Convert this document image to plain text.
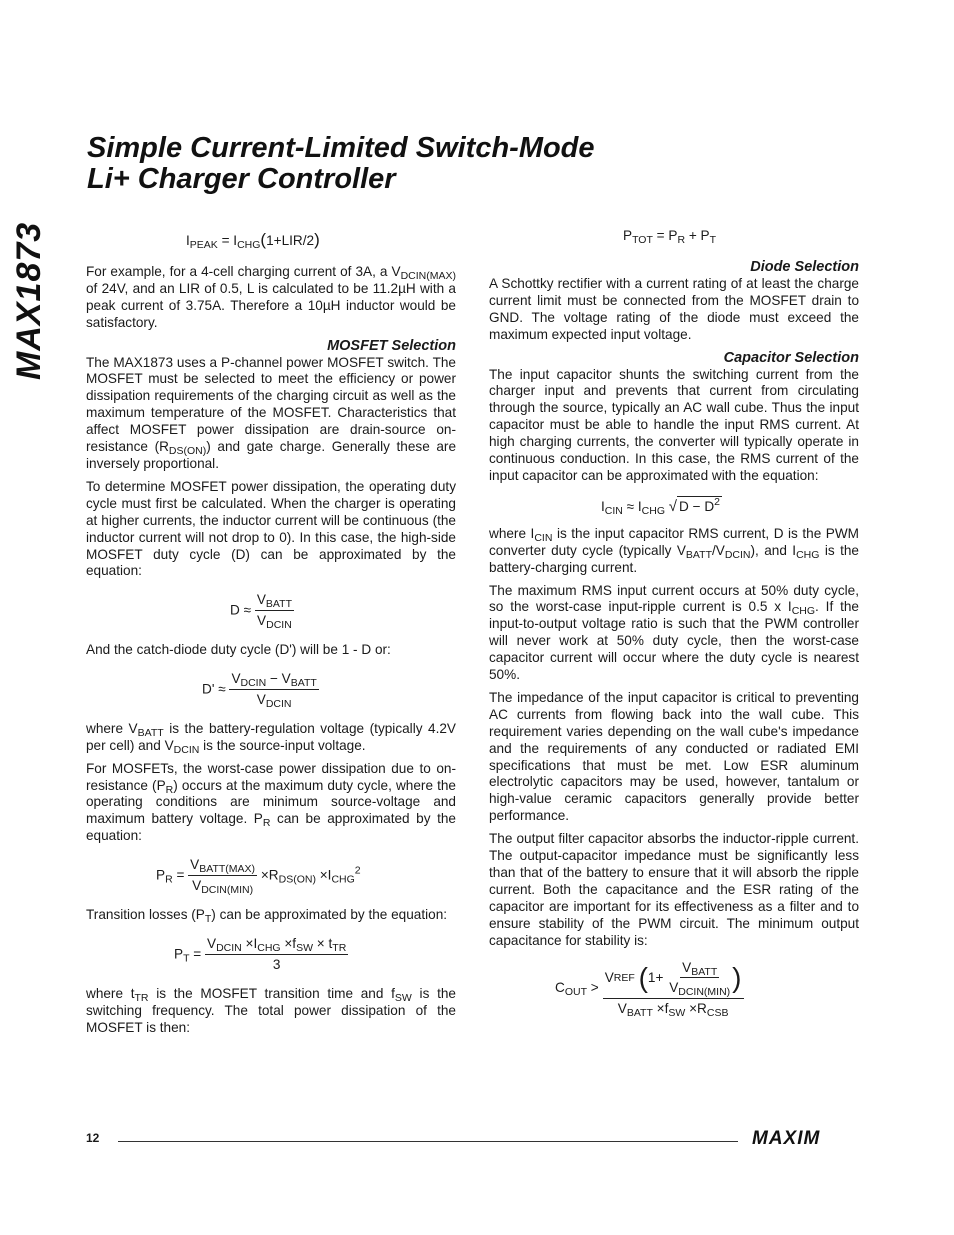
Simple Current-Limited Switch-Mode
Li+ Charger Controller
MAX1873	$I_{PEAK} = I_{CHG}(1+LIR/2)$

For example, for a 4-cell charging current of 3A, a $V_{DCIN(MAX)}$ of 24V, and an LIR of 0.5, L is calculated to be 11.2µH with a peak current of 3.75A. Therefore a 10µH inductor would be satisfactory.

MOSFET Selection

The MAX1873 uses a P-channel power MOSFET switch. The MOSFET must be selected to meet the efficiency or power dissipation requirements of the charging circuit as well as the maximum temperature of the MOSFET. Characteristics that affect MOSFET power dissipation are drain-source on-resistance $(R_{DS(ON)})$ and gate charge. Generally these are inversely proportional.

To determine MOSFET power dissipation, the operating duty cycle must first be calculated. When the charger is operating at higher currents, the inductor current will be continuous (the inductor current will not drop to 0). In this case, the high-side MOSFET duty cycle (D) can be approximated by the equation:

$D \approx \frac{V_{BATT}}{V_{DCIN}}$

And the catch-diode duty cycle (D') will be 1 - D or:

$D' \approx \frac{V_{DCIN} - V_{BATT}}{V_{DCIN}}$

where $V_{BATT}$ is the battery-regulation voltage (typically 4.2V per cell) and $V_{DCIN}$ is the source-input voltage.

For MOSFETs, the worst-case power dissipation due to on-resistance $(P_R)$ occurs at the maximum duty cycle, where the operating conditions are minimum source-voltage and maximum battery voltage. $P_R$ can be approximated by the equation:

$P_R = \frac{V_{BATT(MAX)}}{V_{DCIN(MIN)}} \times R_{DS(ON)} \times I_{CHG}^2$

Transition losses $(P_T)$ can be approximated by the equation:

$P_T = \frac{V_{DCIN} \times I_{CHG} \times f_{SW} \times t_{TR}}{3}$

where $t_{TR}$ is the MOSFET transition time and $f_{SW}$ is the switching frequency. The total power dissipation of the MOSFET is then:

$P_{TOT} = P_R + P_T$

Diode Selection

A Schottky rectifier with a current rating of at least the charge current limit must be connected from the MOSFET drain to GND. The voltage rating of the diode must exceed the maximum expected input voltage.

Capacitor Selection

The input capacitor shunts the switching current from the charger input and prevents that current from circulating through the source, typically an AC wall cube. Thus the input capacitor must be able to handle the input RMS current. At high charging currents, the converter will typically operate in continuous conduction. In this case, the RMS current of the input capacitor can be approximated with the equation:

$I_{CIN} \approx I_{CHG}$ √ $D - D^2$

where $I_{CIN}$ is the input capacitor RMS current, D is the PWM converter duty cycle (typically $V_{BATT}/V_{DCIN}$), and $I_{CHG}$ is the battery-charging current.

The maximum RMS input current occurs at 50% duty cycle, so the worst-case input-ripple current is 0.5 x $I_{CHG}$. If the input-to-output voltage ratio is such that the PWM controller will never work at 50% duty cycle, then the worst-case capacitor current will occur where the duty cycle is nearest 50%.

The impedance of the input capacitor is critical to preventing AC currents from flowing back into the wall cube. This requirement varies depending on the wall cube's impedance and the requirements of any conducted or radiated EMI specifications that must be met. Low ESR aluminum electrolytic capacitors may be used, however, tantalum or high-value ceramic capacitors generally provide better performance.

The output filter capacitor absorbs the inductor-ripple current. The output-capacitor impedance must be significantly less than that of the battery to ensure that it will absorb the ripple current. Both the capacitance and the ESR rating of the capacitor are important for its effectiveness as a filter and to ensure stability of the PWM circuit. The minimum output capacitance for stability is:

$C_{OUT} > V$ REF
( $1+ \frac{V_{BATT}}{V_{DCIN(MIN)}}$ )
$V_{BATT} \times f_{SW} \times R_{CSB}$
12	MAXIM
